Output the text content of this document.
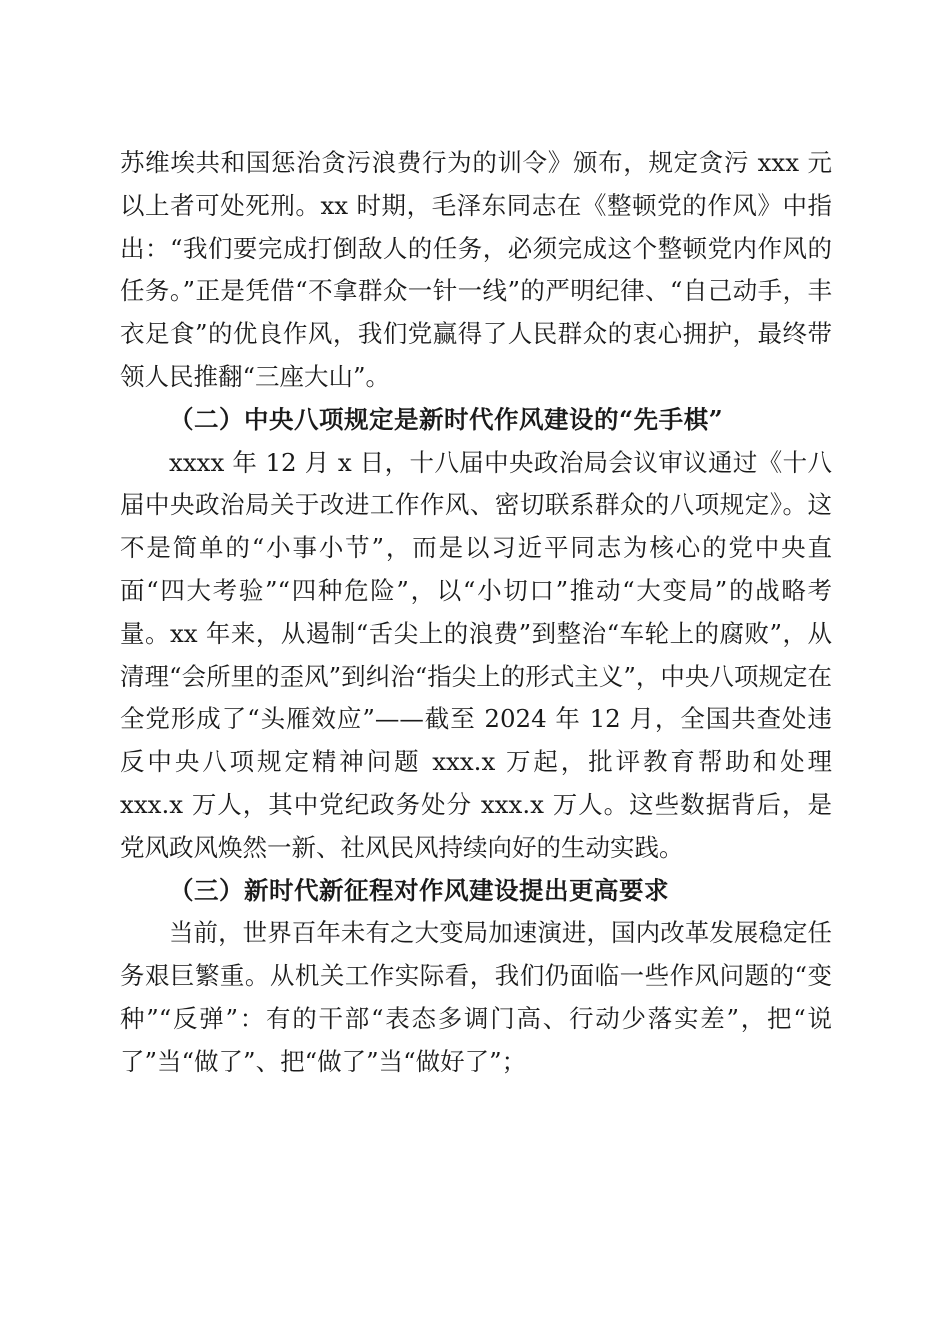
苏维埃共和国惩治贪污浪费行为的训令》颁布，规定贪污 xxx 元以上者可处死刑。xx 时期，毛泽东同志在《整顿党的作风》中指出：“我们要完成打倒敌人的任务，必须完成这个整顿党内作风的任务。”正是凭借“不拿群众一针一线”的严明纪律、“自己动手，丰衣足食”的优良作风，我们党赢得了人民群众的衷心拥护，最终带领人民推翻“三座大山”。

（二）中央八项规定是新时代作风建设的“先手棋”

xxxx 年 12 月 x 日，十八届中央政治局会议审议通过《十八届中央政治局关于改进工作作风、密切联系群众的八项规定》。这不是简单的“小事小节”，而是以习近平同志为核心的党中央直面“四大考验”“四种危险”，以“小切口”推动“大变局”的战略考量。xx 年来，从遏制“舌尖上的浪费”到整治“车轮上的腐败”，从清理“会所里的歪风”到纠治“指尖上的形式主义”，中央八项规定在全党形成了“头雁效应”——截至 2024 年 12 月，全国共查处违反中央八项规定精神问题 xxx.x 万起，批评教育帮助和处理 xxx.x 万人，其中党纪政务处分 xxx.x 万人。这些数据背后，是党风政风焕然一新、社风民风持续向好的生动实践。

（三）新时代新征程对作风建设提出更高要求

当前，世界百年未有之大变局加速演进，国内改革发展稳定任务艰巨繁重。从机关工作实际看，我们仍面临一些作风问题的“变种”“反弹”：有的干部“表态多调门高、行动少落实差”，把“说了”当“做了”、把“做了”当“做好了”；
